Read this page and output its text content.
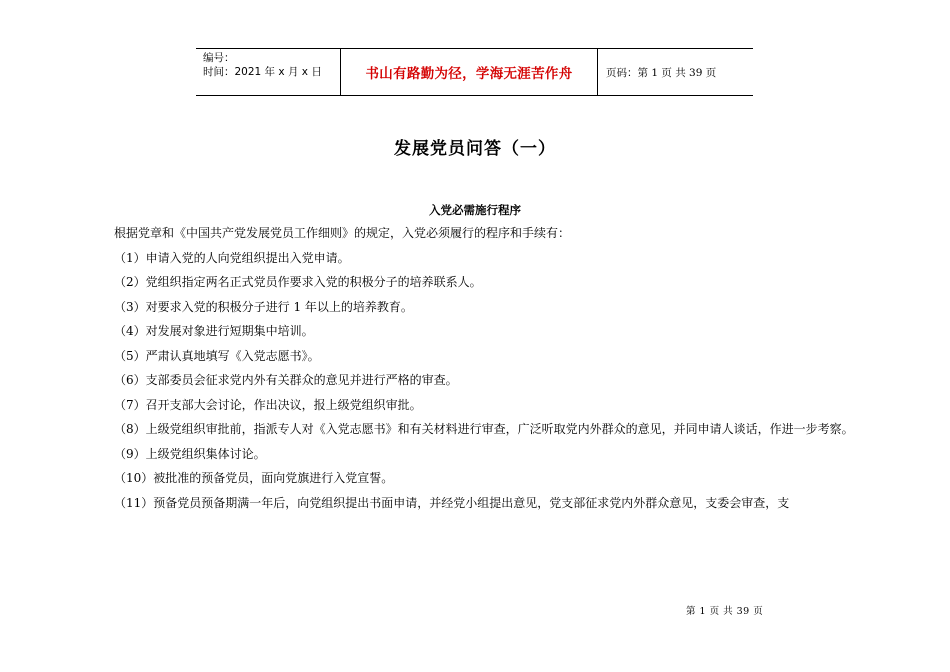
编号：
时间：2021 年 x 月 x 日	书山有路勤为径，学海无涯苦作舟	页码：第 1 页 共 39 页
发展党员问答（一）
入党必需施行程序

根据党章和《中国共产党发展党员工作细则》的规定，入党必须履行的程序和手续有：

（1）申请入党的人向党组织提出入党申请。

（2）党组织指定两名正式党员作要求入党的积极分子的培养联系人。

（3）对要求入党的积极分子进行 1 年以上的培养教育。

（4）对发展对象进行短期集中培训。

（5）严肃认真地填写《入党志愿书》。

（6）支部委员会征求党内外有关群众的意见并进行严格的审查。

（7）召开支部大会讨论，作出决议，报上级党组织审批。

（8）上级党组织审批前，指派专人对《入党志愿书》和有关材料进行审查，广泛听取党内外群众的意见，并同申请人谈话，作进一步考察。

（9）上级党组织集体讨论。

（10）被批准的预备党员，面向党旗进行入党宣誓。

（11）预备党员预备期满一年后，向党组织提出书面申请，并经党小组提出意见，党支部征求党内外群众意见，支委会审查，支

第 1 页 共 39 页
